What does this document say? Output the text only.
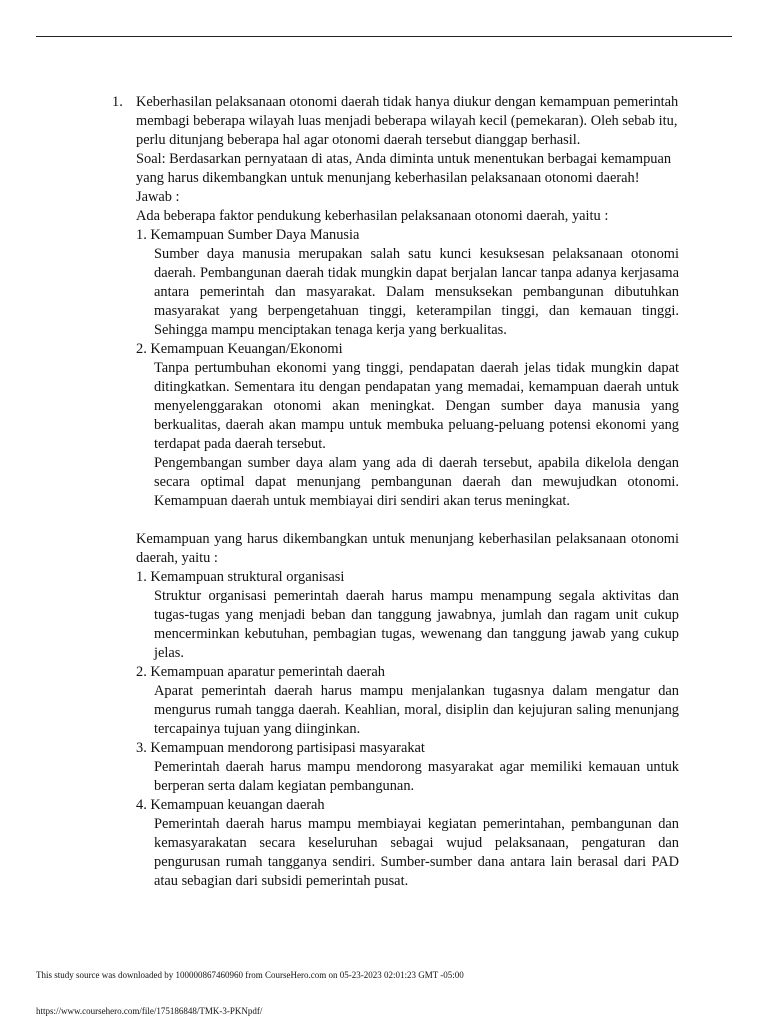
1. Keberhasilan pelaksanaan otonomi daerah tidak hanya diukur dengan kemampuan pemerintah membagi beberapa wilayah luas menjadi beberapa wilayah kecil (pemekaran). Oleh sebab itu, perlu ditunjang beberapa hal agar otonomi daerah tersebut dianggap berhasil.

Soal: Berdasarkan pernyataan di atas, Anda diminta untuk menentukan berbagai kemampuan yang harus dikembangkan untuk menunjang keberhasilan pelaksanaan otonomi daerah!

Jawab :

Ada beberapa faktor pendukung keberhasilan pelaksanaan otonomi daerah, yaitu :

1. Kemampuan Sumber Daya Manusia

Sumber daya manusia merupakan salah satu kunci kesuksesan pelaksanaan otonomi daerah. Pembangunan daerah tidak mungkin dapat berjalan lancar tanpa adanya kerjasama antara pemerintah dan masyarakat. Dalam mensuksekan pembangunan dibutuhkan masyarakat yang berpengetahuan tinggi, keterampilan tinggi, dan kemauan tinggi. Sehingga mampu menciptakan tenaga kerja yang berkualitas.

2. Kemampuan Keuangan/Ekonomi

Tanpa pertumbuhan ekonomi yang tinggi, pendapatan daerah jelas tidak mungkin dapat ditingkatkan. Sementara itu dengan pendapatan yang memadai, kemampuan daerah untuk menyelenggarakan otonomi akan meningkat. Dengan sumber daya manusia yang berkualitas, daerah akan mampu untuk membuka peluang-peluang potensi ekonomi yang terdapat pada daerah tersebut.

Pengembangan sumber daya alam yang ada di daerah tersebut, apabila dikelola dengan secara optimal dapat menunjang pembangunan daerah dan mewujudkan otonomi. Kemampuan daerah untuk membiayai diri sendiri akan terus meningkat.

Kemampuan yang harus dikembangkan untuk menunjang keberhasilan pelaksanaan otonomi daerah, yaitu :

1. Kemampuan struktural organisasi

Struktur organisasi pemerintah daerah harus mampu menampung segala aktivitas dan tugas-tugas yang menjadi beban dan tanggung jawabnya, jumlah dan ragam unit cukup mencerminkan kebutuhan, pembagian tugas, wewenang dan tanggung jawab yang cukup jelas.

2. Kemampuan aparatur pemerintah daerah

Aparat pemerintah daerah harus mampu menjalankan tugasnya dalam mengatur dan mengurus rumah tangga daerah. Keahlian, moral, disiplin dan kejujuran saling menunjang tercapainya tujuan yang diinginkan.

3. Kemampuan mendorong partisipasi masyarakat

Pemerintah daerah harus mampu mendorong masyarakat agar memiliki kemauan untuk berperan serta dalam kegiatan pembangunan.

4. Kemampuan keuangan daerah

Pemerintah daerah harus mampu membiayai kegiatan pemerintahan, pembangunan dan kemasyarakatan secara keseluruhan sebagai wujud pelaksanaan, pengaturan dan pengurusan rumah tangganya sendiri. Sumber-sumber dana antara lain berasal dari PAD atau sebagian dari subsidi pemerintah pusat.

This study source was downloaded by 100000867460960 from CourseHero.com on 05-23-2023 02:01:23 GMT -05:00
https://www.coursehero.com/file/175186848/TMK-3-PKNpdf/
